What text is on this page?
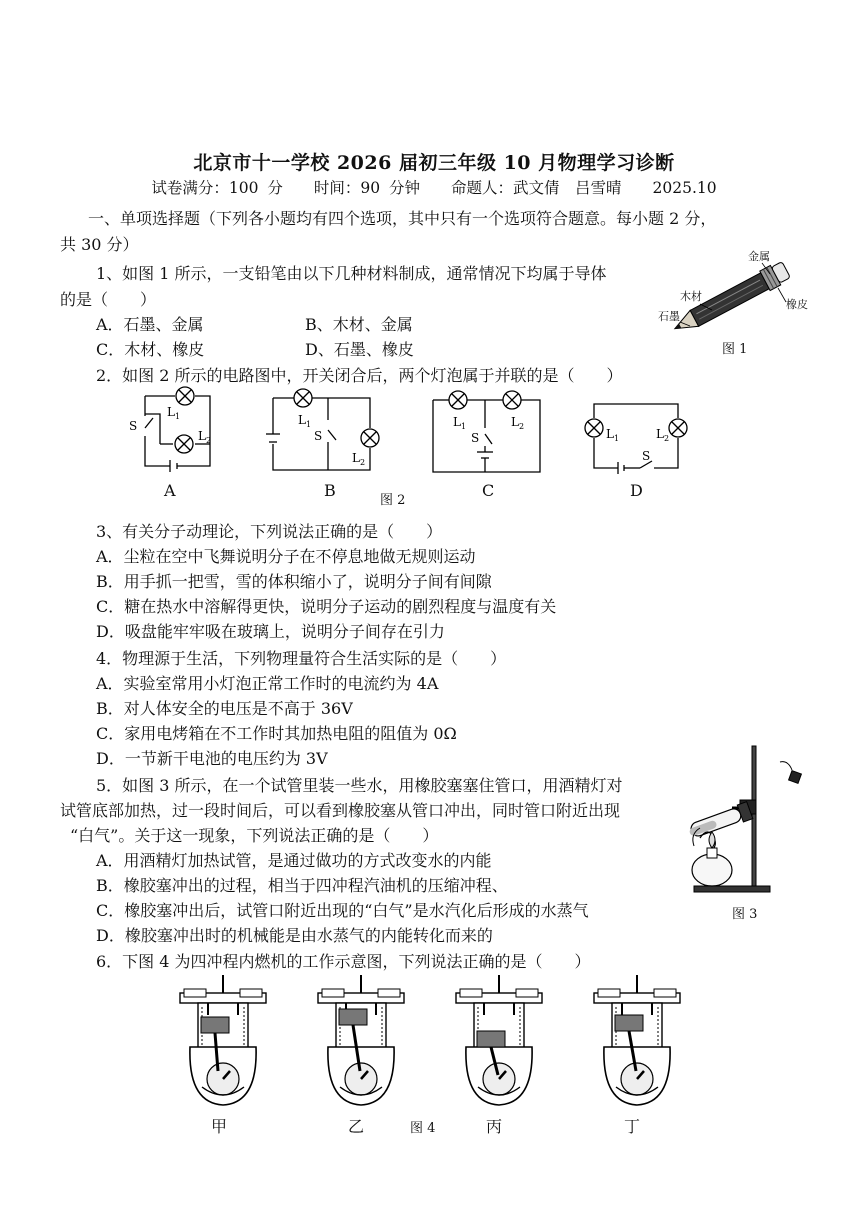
北京市十一学校 2026 届初三年级 10 月物理学习诊断
试卷满分：100 分　　时间：90 分钟　　命题人：武文倩　吕雪晴　　2025.10
一、单项选择题（下列各小题均有四个选项，其中只有一个选项符合题意。每小题 2 分，
共 30 分）
1、如图 1 所示，一支铅笔由以下几种材料制成，通常情况下均属于导体
的是（　　）
A．石墨、金属	B、木材、金属
C．木材、橡皮	D、石墨、橡皮
金属
木材
橡皮
石墨
图 1
2．如图 2 所示的电路图中，开关闭合后，两个灯泡属于并联的是（　　）
L 1
L 2
S
A
L 1
S
L 2
B
图 2
L 1	L 2
S
C
L 1	L 2
S
D
3、有关分子动理论，下列说法正确的是（　　）
A．尘粒在空中飞舞说明分子在不停息地做无规则运动
B．用手抓一把雪，雪的体积缩小了，说明分子间有间隙
C．糖在热水中溶解得更快，说明分子运动的剧烈程度与温度有关
D．吸盘能牢牢吸在玻璃上，说明分子间存在引力
4．物理源于生活，下列物理量符合生活实际的是（　　）
A．实验室常用小灯泡正常工作时的电流约为 4A
B．对人体安全的电压是不高于 36V
C．家用电烤箱在不工作时其加热电阻的阻值为 0Ω
D．一节新干电池的电压约为 3V
5．如图 3 所示，在一个试管里装一些水，用橡胶塞塞住管口，用酒精灯对
试管底部加热，过一段时间后，可以看到橡胶塞从管口冲出，同时管口附近出现
“白气”。关于这一现象，下列说法正确的是（　　）
A．用酒精灯加热试管，是通过做功的方式改变水的内能
B．橡胶塞冲出的过程，相当于四冲程汽油机的压缩冲程、
C．橡胶塞冲出后，试管口附近出现的“白气”是水汽化后形成的水蒸气
D．橡胶塞冲出时的机械能是由水蒸气的内能转化而来的
图 3
6．下图 4 为四冲程内燃机的工作示意图，下列说法正确的是（　　）
甲	乙	图 4	丙	丁
